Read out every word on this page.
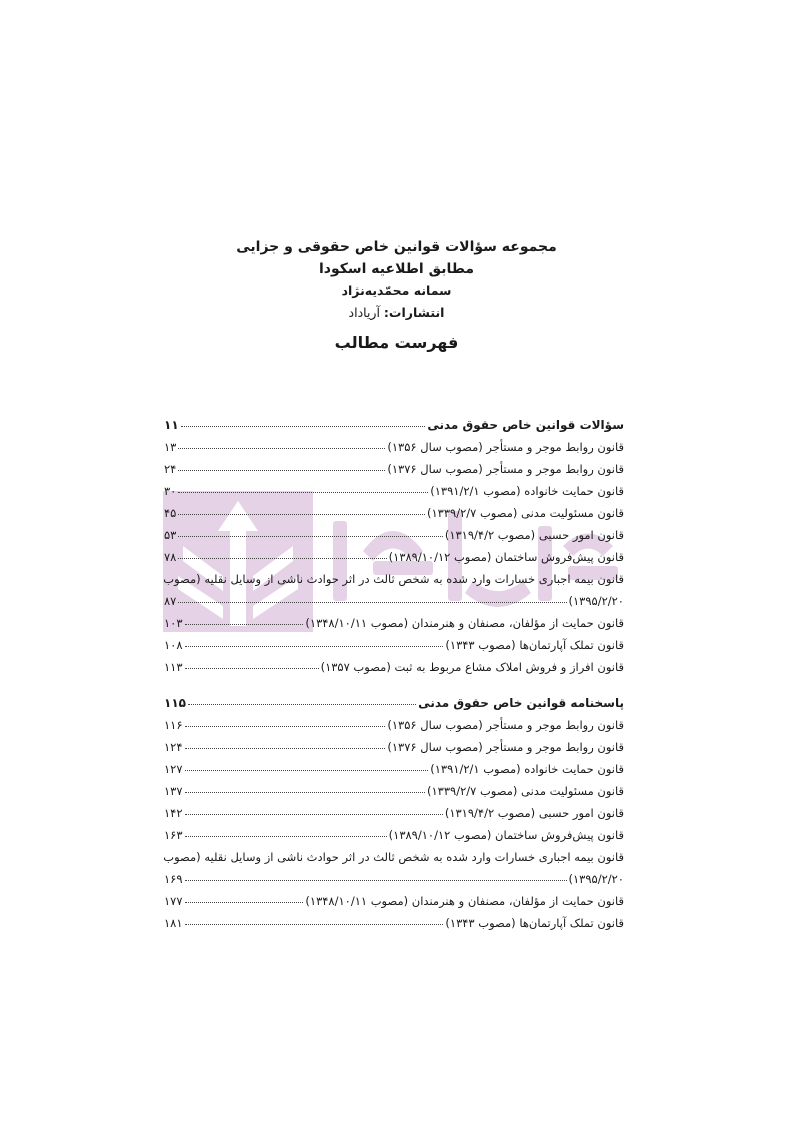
مجموعه سؤالات قوانین خاص حقوقی و جزایی
مطابق اطلاعیه اسکودا
سمانه محمّدیه‌نژاد
انتشارات: آریاداد
فهرست مطالب
سؤالات قوانین خاص حقوق مدنی
۱۱
قانون روابط موجر و مستأجر (مصوب سال ۱۳۵۶)
۱۳
قانون روابط موجر و مستأجر (مصوب سال ۱۳۷۶)
۲۴
قانون حمایت خانواده (مصوب ۱۳۹۱/۲/۱)
۳۰
قانون مسئولیت مدنی (مصوب ۱۳۳۹/۲/۷)
۴۵
قانون امور حسبی (مصوب ۱۳۱۹/۴/۲)
۵۳
قانون پیش‌فروش ساختمان (مصوب ۱۳۸۹/۱۰/۱۲)
۷۸
قانون بیمه اجباری خسارات وارد شده به شخص ثالث در اثر حوادث ناشی از وسایل نقلیه (مصوب
۱۳۹۵/۲/۲۰)
۸۷
قانون حمایت از مؤلفان، مصنفان و هنرمندان (مصوب ۱۳۴۸/۱۰/۱۱)
۱۰۳
قانون تملک آپارتمان‌ها (مصوب ۱۳۴۳)
۱۰۸
قانون افراز و فروش املاک مشاع مربوط به ثبت (مصوب ۱۳۵۷)
۱۱۳
پاسخنامه قوانین خاص حقوق مدنی
۱۱۵
قانون روابط موجر و مستأجر (مصوب سال ۱۳۵۶)
۱۱۶
قانون روابط موجر و مستأجر (مصوب سال ۱۳۷۶)
۱۲۴
قانون حمایت خانواده (مصوب ۱۳۹۱/۲/۱)
۱۲۷
قانون مسئولیت مدنی (مصوب ۱۳۳۹/۲/۷)
۱۳۷
قانون امور حسبی (مصوب ۱۳۱۹/۴/۲)
۱۴۲
قانون پیش‌فروش ساختمان (مصوب ۱۳۸۹/۱۰/۱۲)
۱۶۳
قانون بیمه اجباری خسارات وارد شده به شخص ثالث در اثر حوادث ناشی از وسایل نقلیه (مصوب
۱۳۹۵/۲/۲۰)
۱۶۹
قانون حمایت از مؤلفان، مصنفان و هنرمندان (مصوب ۱۳۴۸/۱۰/۱۱)
۱۷۷
قانون تملک آپارتمان‌ها (مصوب ۱۳۴۳)
۱۸۱
